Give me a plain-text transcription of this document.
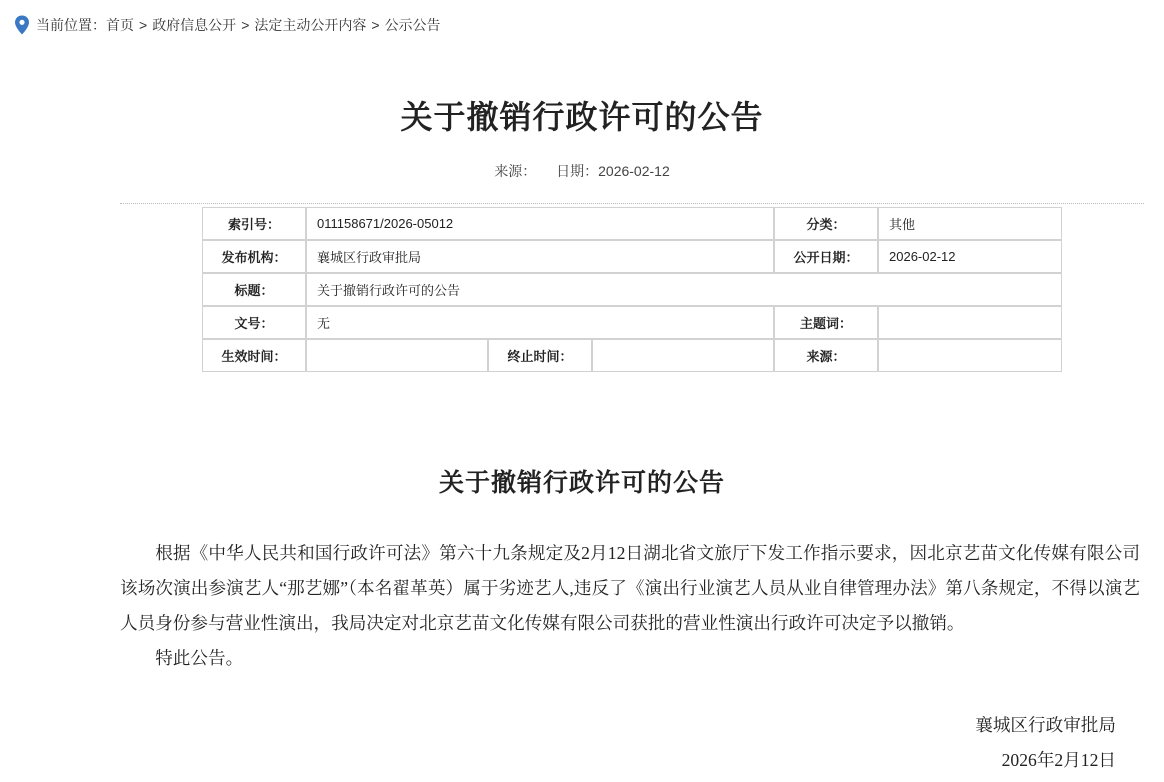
当前位置： 首页 > 政府信息公开 > 法定主动公开内容 > 公示公告
关于撤销行政许可的公告
来源： 日期：2026-02-12
索引号：	011158671/2026-05012			分类：	其他
发布机构：	襄城区行政审批局			公开日期：	2026-02-12
标题：	关于撤销行政许可的公告				
文号：	无			主题词：	
生效时间：		终止时间：		来源：	
关于撤销行政许可的公告

根据《中华人民共和国行政许可法》第六十九条规定及2月12日湖北省文旅厅下发工作指示要求，因北京艺苗文化传媒有限公司该场次演出参演艺人“那艺娜”（本名翟革英）属于劣迹艺人,违反了《演出行业演艺人员从业自律管理办法》第八条规定，不得以演艺人员身份参与营业性演出，我局决定对北京艺苗文化传媒有限公司获批的营业性演出行政许可决定予以撤销。

特此公告。

襄城区行政审批局
2026年2月12日
